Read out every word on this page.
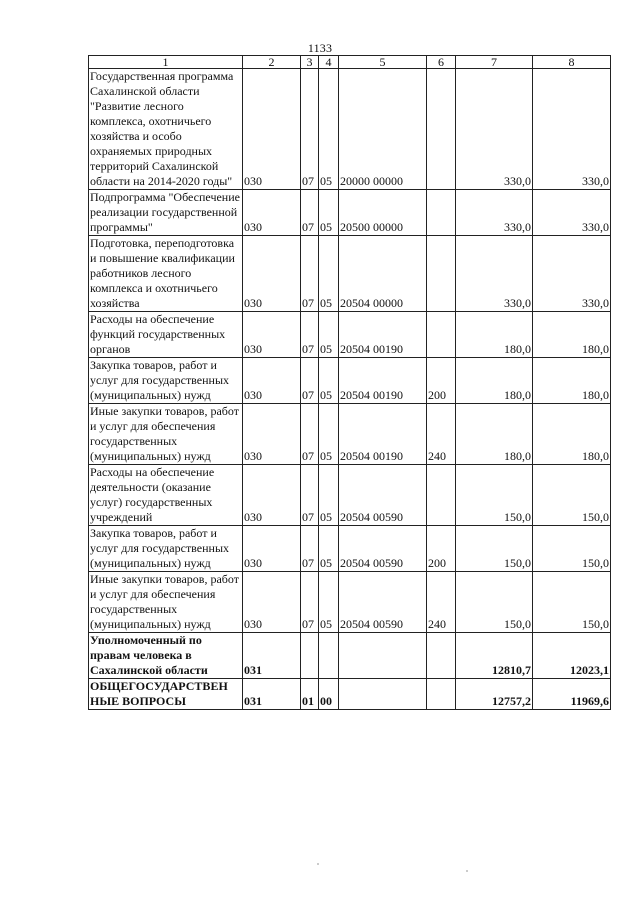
1133
1	2	3	4	5	6	7	8
Государственная программа Сахалинской области "Развитие лесного комплекса, охотничьего хозяйства и особо охраняемых природных территорий Сахалинской области на 2014-2020 годы"	030	07	05	20000 00000		330,0	330,0
Подпрограмма "Обеспечение реализации государственной программы"	030	07	05	20500 00000		330,0	330,0
Подготовка, переподготовка и повышение квалификации работников лесного комплекса и охотничьего хозяйства	030	07	05	20504 00000		330,0	330,0
Расходы на обеспечение функций государственных органов	030	07	05	20504 00190		180,0	180,0
Закупка товаров, работ и услуг для государственных (муниципальных) нужд	030	07	05	20504 00190	200	180,0	180,0
Иные закупки товаров, работ и услуг для обеспечения государственных (муниципальных) нужд	030	07	05	20504 00190	240	180,0	180,0
Расходы на обеспечение деятельности (оказание услуг) государственных учреждений	030	07	05	20504 00590		150,0	150,0
Закупка товаров, работ и услуг для государственных (муниципальных) нужд	030	07	05	20504 00590	200	150,0	150,0
Иные закупки товаров, работ и услуг для обеспечения государственных (муниципальных) нужд	030	07	05	20504 00590	240	150,0	150,0
Уполномоченный по правам человека в Сахалинской области	031					12810,7	12023,1
ОБЩЕГОСУДАРСТВЕН НЫЕ ВОПРОСЫ	031	01	00			12757,2	11969,6
